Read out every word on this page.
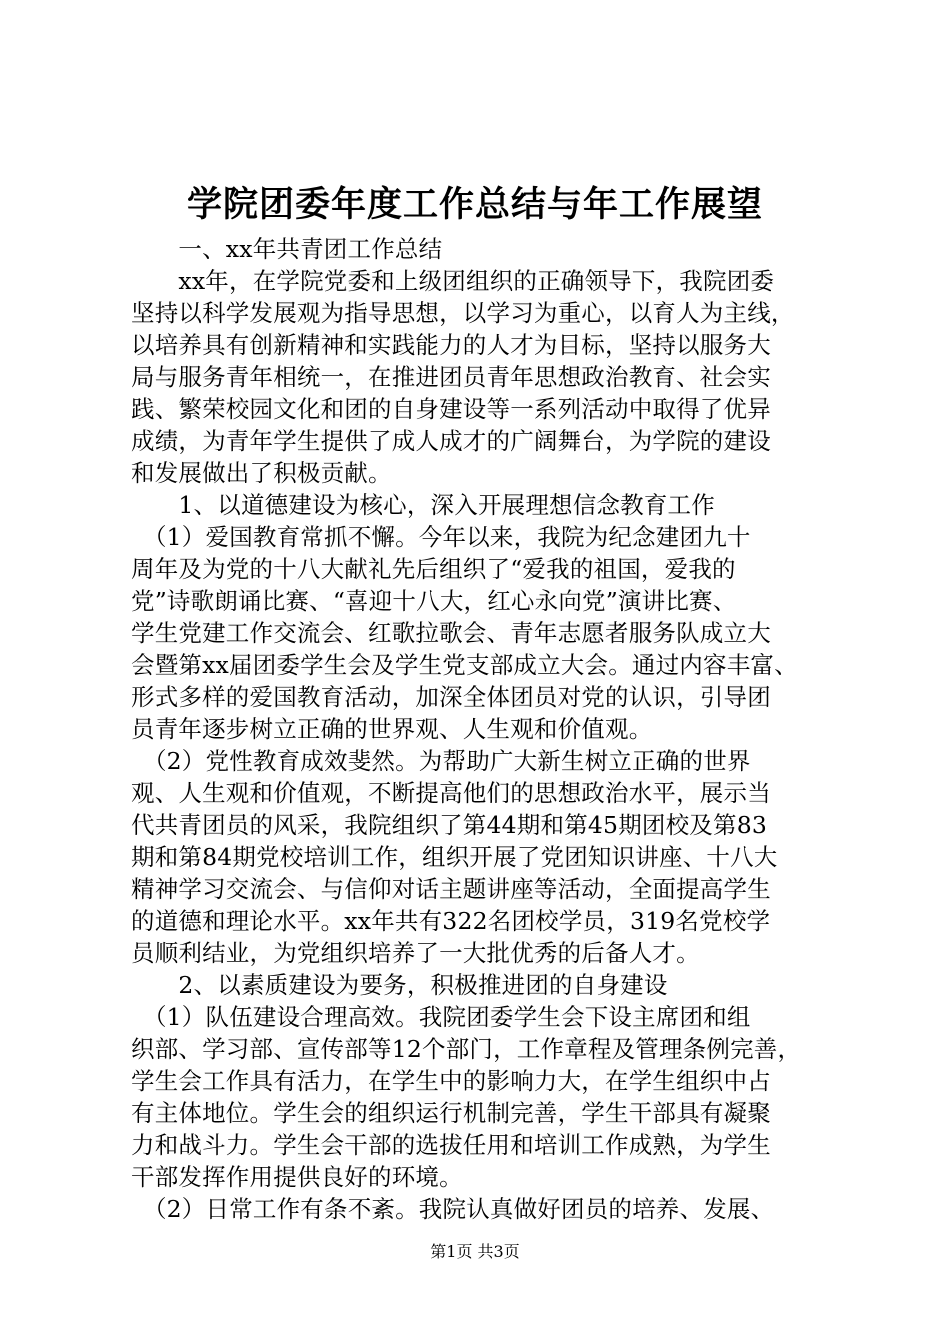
学院团委年度工作总结与年工作展望
　　一、xx年共青团工作总结
　　xx年，在学院党委和上级团组织的正确领导下，我院团委
坚持以科学发展观为指导思想，以学习为重心，以育人为主线，
以培养具有创新精神和实践能力的人才为目标，坚持以服务大
局与服务青年相统一，在推进团员青年思想政治教育、社会实
践、繁荣校园文化和团的自身建设等一系列活动中取得了优异
成绩，为青年学生提供了成人成才的广阔舞台，为学院的建设
和发展做出了积极贡献。
　　1、以道德建设为核心，深入开展理想信念教育工作
　（1）爱国教育常抓不懈。今年以来，我院为纪念建团九十
周年及为党的十八大献礼先后组织了“爱我的祖国，爱我的
党”诗歌朗诵比赛、“喜迎十八大，红心永向党”演讲比赛、
学生党建工作交流会、红歌拉歌会、青年志愿者服务队成立大
会暨第xx届团委学生会及学生党支部成立大会。通过内容丰富、
形式多样的爱国教育活动，加深全体团员对党的认识，引导团
员青年逐步树立正确的世界观、人生观和价值观。
　（2）党性教育成效斐然。为帮助广大新生树立正确的世界
观、人生观和价值观，不断提高他们的思想政治水平，展示当
代共青团员的风采，我院组织了第44期和第45期团校及第83
期和第84期党校培训工作，组织开展了党团知识讲座、十八大
精神学习交流会、与信仰对话主题讲座等活动，全面提高学生
的道德和理论水平。xx年共有322名团校学员，319名党校学
员顺利结业，为党组织培养了一大批优秀的后备人才。
　　2、以素质建设为要务，积极推进团的自身建设
　（1）队伍建设合理高效。我院团委学生会下设主席团和组
织部、学习部、宣传部等12个部门，工作章程及管理条例完善，
学生会工作具有活力，在学生中的影响力大，在学生组织中占
有主体地位。学生会的组织运行机制完善，学生干部具有凝聚
力和战斗力。学生会干部的选拔任用和培训工作成熟，为学生
干部发挥作用提供良好的环境。
　（2）日常工作有条不紊。我院认真做好团员的培养、发展、
第1页 共3页
